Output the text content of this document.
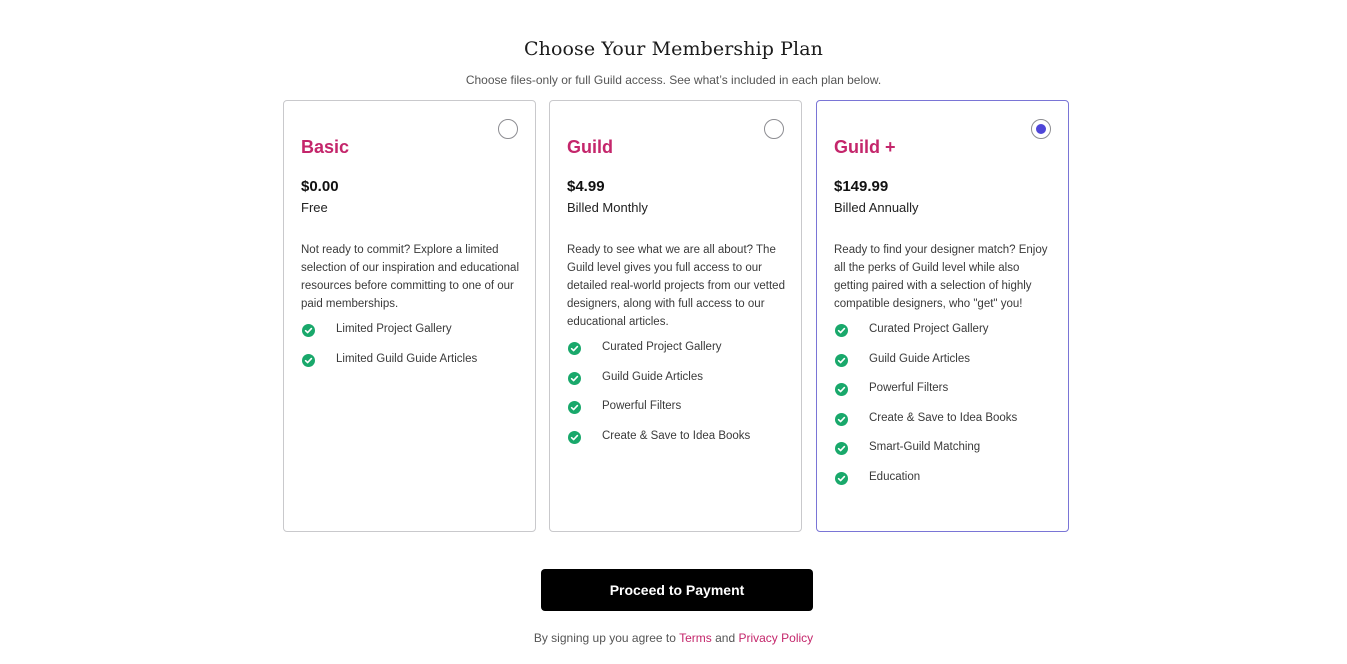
Choose Your Membership Plan
Choose files-only or full Guild access. See what’s included in each plan below.
Basic
$0.00
Free
Not ready to commit? Explore a limited selection of our inspiration and educational resources before committing to one of our paid memberships.
Limited Project Gallery
Limited Guild Guide Articles
Guild
$4.99
Billed Monthly
Ready to see what we are all about? The Guild level gives you full access to our detailed real-world projects from our vetted designers, along with full access to our educational articles.
Curated Project Gallery
Guild Guide Articles
Powerful Filters
Create & Save to Idea Books
Guild +
$149.99
Billed Annually
Ready to find your designer match? Enjoy all the perks of Guild level while also getting paired with a selection of highly compatible designers, who "get" you!
Curated Project Gallery
Guild Guide Articles
Powerful Filters
Create & Save to Idea Books
Smart-Guild Matching
Education
Proceed to Payment
By signing up you agree to Terms and Privacy Policy
